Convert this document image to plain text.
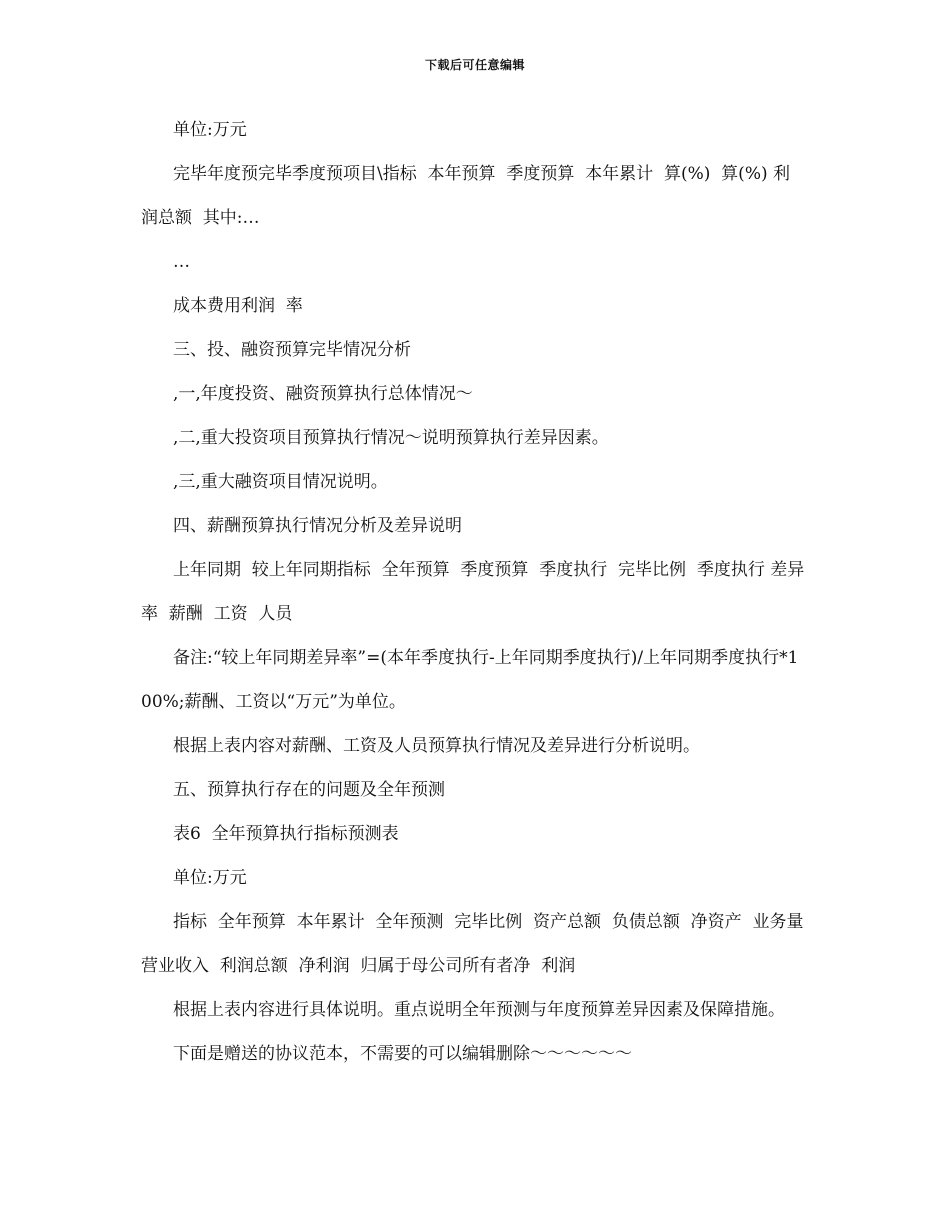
下载后可任意编辑

单位:万元

完毕年度预完毕季度预项目\指标  本年预算  季度预算  本年累计  算(%)  算(%) 利润总额  其中:…

…

成本费用利润  率

三、投、融资预算完毕情况分析

,一,年度投资、融资预算执行总体情况～

,二,重大投资项目预算执行情况～说明预算执行差异因素。

,三,重大融资项目情况说明。

四、薪酬预算执行情况分析及差异说明

上年同期  较上年同期指标  全年预算  季度预算  季度执行  完毕比例  季度执行 差异率  薪酬  工资  人员

备注:“较上年同期差异率”=(本年季度执行-上年同期季度执行)/上年同期季度执行*100%;薪酬、工资以“万元”为单位。

根据上表内容对薪酬、工资及人员预算执行情况及差异进行分析说明。

五、预算执行存在的问题及全年预测

表6  全年预算执行指标预测表

单位:万元

指标  全年预算  本年累计  全年预测  完毕比例  资产总额  负债总额  净资产  业务量  营业收入  利润总额  净利润  归属于母公司所有者净  利润

根据上表内容进行具体说明。重点说明全年预测与年度预算差异因素及保障措施。

下面是赠送的协议范本，不需要的可以编辑删除～～～～～～
